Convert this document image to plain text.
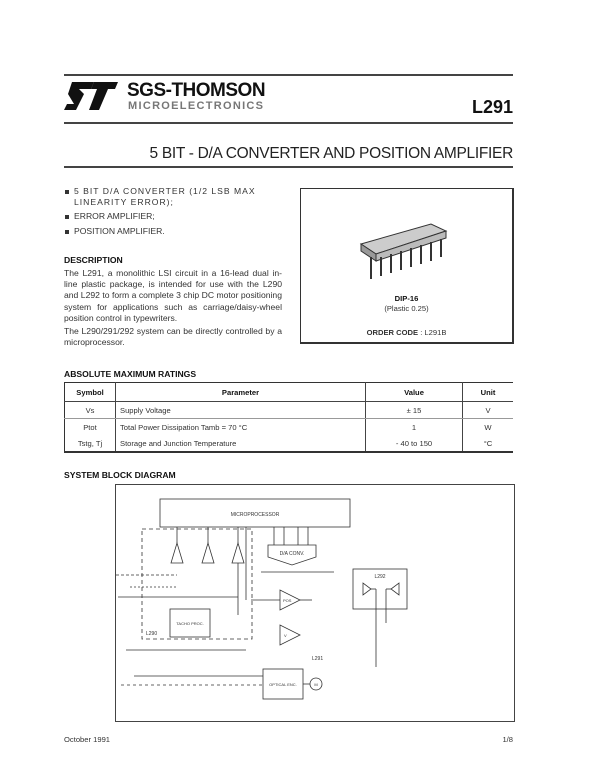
SGS-THOMSON
MICROELECTRONICS	L291
5 BIT - D/A CONVERTER AND POSITION AMPLIFIER
5 BIT D/A CONVERTER (1/2 LSB MAX LINEARITY ERROR);
ERROR AMPLIFIER;
POSITION AMPLIFIER.
DESCRIPTION

The L291, a monolithic LSI circuit in a 16-lead dual in-line plastic package, is intended for use with the L290 and L292 to form a complete 3 chip DC motor positioning system for applications such as carriage/daisy-wheel position control in typewriters.

The L290/291/292 system can be directly controlled by a microprocessor.

DIP-16
(Plastic 0.25)
ORDER CODE : L291B
ABSOLUTE MAXIMUM RATINGS
Symbol	Parameter	Value	Unit
Vs	Supply Voltage	± 15	V
Ptot	Total Power Dissipation Tamb = 70 °C	1	W
Tstg, Tj	Storage and Junction Temperature	- 40 to 150	°C
SYSTEM BLOCK DIAGRAM
MICROPROCESSOR
D/A CONV.
TACHO PROC.
L290
POS
V
L291
L292
OPTICAL ENC.	M
October 1991	1/8
